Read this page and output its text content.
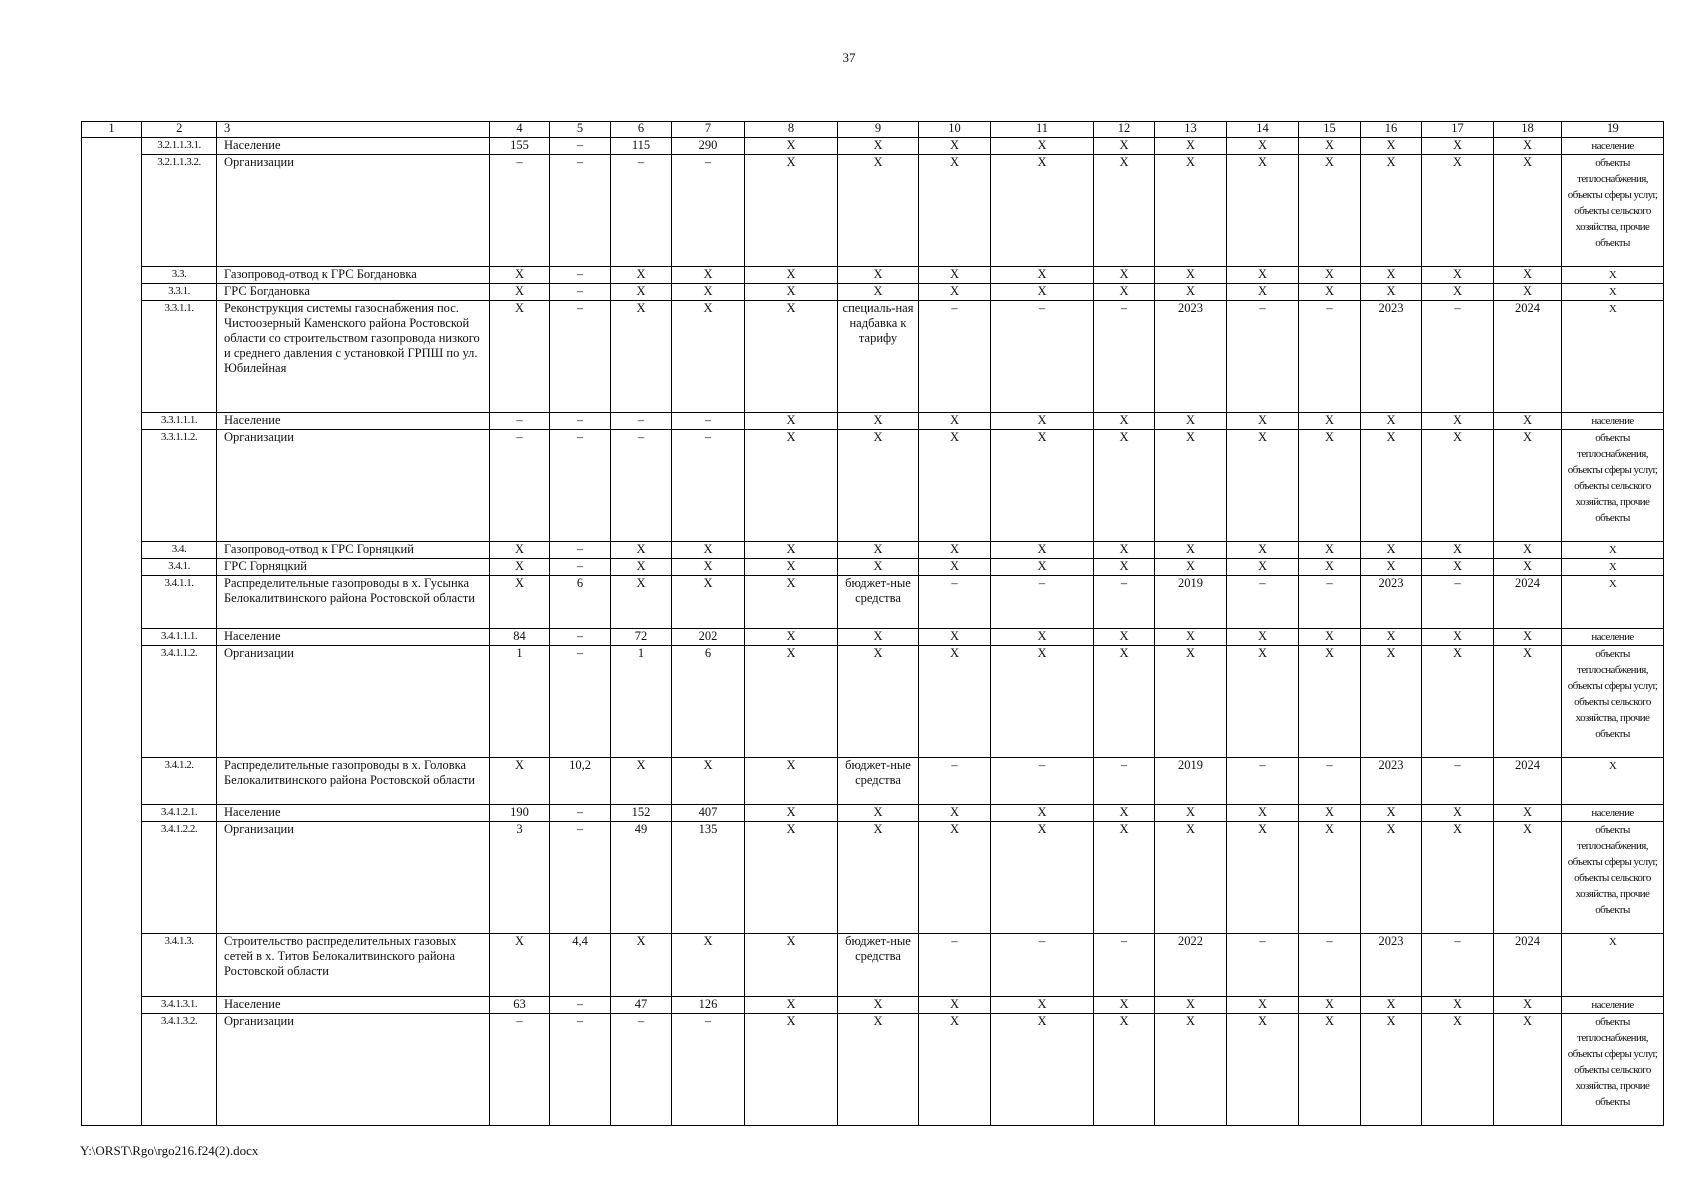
37
1	2	3	4	5	6	7	8	9	10	11	12	13	14	15	16	17	18	19
	3.2.1.1.3.1.	Население	155	–	115	290	X	X	X	X	X	X	X	X	X	X	X	население
	3.2.1.1.3.2.	Организации	–	–	–	–	X	X	X	X	X	X	X	X	X	X	X	объекты теплоснабжения, объекты сферы услуг, объекты сельского хозяйства, прочие объекты
	3.3.	Газопровод-отвод к ГРС Богдановка	X	–	X	X	X	X	X	X	X	X	X	X	X	X	X	X
	3.3.1.	ГРС Богдановка	X	–	X	X	X	X	X	X	X	X	X	X	X	X	X	X
	3.3.1.1.	Реконструкция системы газоснабжения пос. Чистоозерный Каменского района Ростовской области со строительством газопровода низкого и среднего давления с установкой ГРПШ по ул. Юбилейная	X	–	X	X	X	специаль-ная надбавка к тарифу	–	–	–	2023	–	–	2023	–	2024	X
	3.3.1.1.1.	Население	–	–	–	–	X	X	X	X	X	X	X	X	X	X	X	население
	3.3.1.1.2.	Организации	–	–	–	–	X	X	X	X	X	X	X	X	X	X	X	объекты теплоснабжения, объекты сферы услуг, объекты сельского хозяйства, прочие объекты
	3.4.	Газопровод-отвод к ГРС Горняцкий	X	–	X	X	X	X	X	X	X	X	X	X	X	X	X	X
	3.4.1.	ГРС Горняцкий	X	–	X	X	X	X	X	X	X	X	X	X	X	X	X	X
	3.4.1.1.	Распределительные газопроводы в х. Гусынка Белокалитвинского района Ростовской области	X	6	X	X	X	бюджет-ные средства	–	–	–	2019	–	–	2023	–	2024	X
	3.4.1.1.1.	Население	84	–	72	202	X	X	X	X	X	X	X	X	X	X	X	население
	3.4.1.1.2.	Организации	1	–	1	6	X	X	X	X	X	X	X	X	X	X	X	объекты теплоснабжения, объекты сферы услуг, объекты сельского хозяйства, прочие объекты
	3.4.1.2.	Распределительные газопроводы в х. Головка Белокалитвинского района Ростовской области	X	10,2	X	X	X	бюджет-ные средства	–	–	–	2019	–	–	2023	–	2024	X
	3.4.1.2.1.	Население	190	–	152	407	X	X	X	X	X	X	X	X	X	X	X	население
	3.4.1.2.2.	Организации	3	–	49	135	X	X	X	X	X	X	X	X	X	X	X	объекты теплоснабжения, объекты сферы услуг, объекты сельского хозяйства, прочие объекты
	3.4.1.3.	Строительство распределительных газовых сетей в х. Титов Белокалитвинского района Ростовской области	X	4,4	X	X	X	бюджет-ные средства	–	–	–	2022	–	–	2023	–	2024	X
	3.4.1.3.1.	Население	63	–	47	126	X	X	X	X	X	X	X	X	X	X	X	население
	3.4.1.3.2.	Организации	–	–	–	–	X	X	X	X	X	X	X	X	X	X	X	объекты теплоснабжения, объекты сферы услуг, объекты сельского хозяйства, прочие объекты
Y:\ORST\Rgo\rgo216.f24(2).docx
